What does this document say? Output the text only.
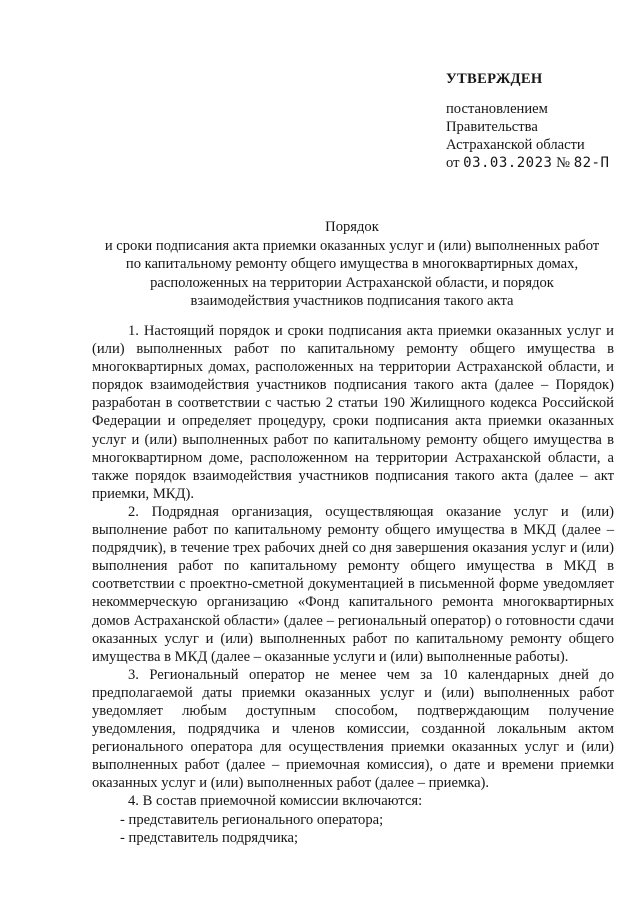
УТВЕРЖДЕН
постановлением
Правительства
Астраханской области
от 03.03.2023 № 82-П
Порядок
и сроки подписания акта приемки оказанных услуг и (или) выполненных работ
по капитальному ремонту общего имущества в многоквартирных домах,
расположенных на территории Астраханской области, и порядок
взаимодействия участников подписания такого акта

1. Настоящий порядок и сроки подписания акта приемки оказанных услуг и (или) выполненных работ по капитальному ремонту общего имущества в многоквартирных домах, расположенных на территории Астраханской области, и порядок взаимодействия участников подписания такого акта (далее – Порядок) разработан в соответствии с частью 2 статьи 190 Жилищного кодекса Российской Федерации и определяет процедуру, сроки подписания акта приемки оказанных услуг и (или) выполненных работ по капитальному ремонту общего имущества в многоквартирном доме, расположенном на территории Астраханской области, а также порядок взаимодействия участников подписания такого акта (далее – акт приемки, МКД).

2. Подрядная организация, осуществляющая оказание услуг и (или) выполнение работ по капитальному ремонту общего имущества в МКД (далее – подрядчик), в течение трех рабочих дней со дня завершения оказания услуг и (или) выполнения работ по капитальному ремонту общего имущества в МКД в соответствии с проектно-сметной документацией в письменной форме уведомляет некоммерческую организацию «Фонд капитального ремонта многоквартирных домов Астраханской области» (далее – региональный оператор) о готовности сдачи оказанных услуг и (или) выполненных работ по капитальному ремонту общего имущества в МКД (далее – оказанные услуги и (или) выполненные работы).

3. Региональный оператор не менее чем за 10 календарных дней до предполагаемой даты приемки оказанных услуг и (или) выполненных работ уведомляет любым доступным способом, подтверждающим получение уведомления, подрядчика и членов комиссии, созданной локальным актом регионального оператора для осуществления приемки оказанных услуг и (или) выполненных работ (далее – приемочная комиссия), о дате и времени приемки оказанных услуг и (или) выполненных работ (далее – приемка).

4. В состав приемочной комиссии включаются:

- представитель регионального оператора;

- представитель подрядчика;
